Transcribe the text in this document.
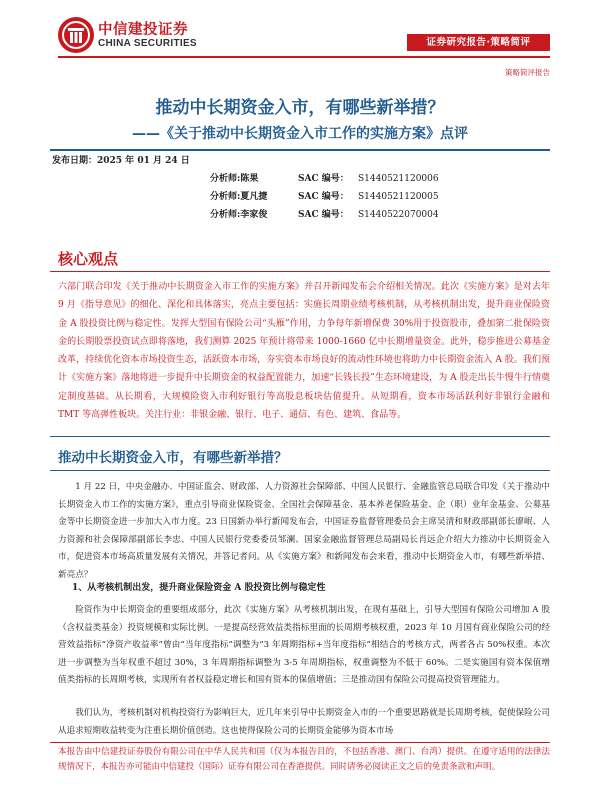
中信建投证券
CHINA SECURITIES	证券研究报告·策略简评
策略简评报告
推动中长期资金入市，有哪些新举措？
——《关于推动中长期资金入市工作的实施方案》点评
发布日期：2025 年 01 月 24 日
分析师:陈果	SAC 编号：	S1440521120006
分析师:夏凡捷	SAC 编号：	S1440521120005
分析师:李家俊	SAC 编号：	S1440522070004
核心观点
六部门联合印发《关于推动中长期资金入市工作的实施方案》并召开新闻发布会介绍相关情况。此次《实施方案》是对去年 9 月《指导意见》的细化、深化和具体落实，亮点主要包括：实施长周期业绩考核机制，从考核机制出发，提升商业保险资金 A 股投资比例与稳定性。发挥大型国有保险公司“头雁”作用，力争每年新增保费 30%用于投资股市，叠加第二批保险资金的长期股票投资试点即将落地，我们测算 2025 年预计将带来 1000-1660 亿中长期增量资金。此外，稳步推进公募基金改革，持续优化资本市场投资生态，活跃资本市场，夯实资本市场良好的流动性环境也将助力中长期资金流入 A 股。我们预计《实施方案》落地将进一步提升中长期资金的权益配置能力，加速“长钱长投”生态环境建设，为 A 股走出长牛慢牛行情奠定制度基础。从长期看，大规模险资入市利好银行等高股息板块估值提升。从短期看，资本市场活跃利好非银行金融和 TMT 等高弹性板块。关注行业：非银金融、银行、电子、通信、有色、建筑、食品等。
推动中长期资金入市，有哪些新举措？
1 月 22 日，中央金融办、中国证监会、财政部、人力资源社会保障部、中国人民银行、金融监管总局联合印发《关于推动中长期资金入市工作的实施方案》，重点引导商业保险资金、全国社会保障基金、基本养老保险基金、企（职）业年金基金、公募基金等中长期资金进一步加大入市力度。23 日国新办举行新闻发布会，中国证券监督管理委员会主席吴清和财政部副部长廖岷、人力资源和社会保障部副部长李忠、中国人民银行党委委员邹澜、国家金融监督管理总局副局长肖远企介绍大力推动中长期资金入市，促进资本市场高质量发展有关情况，并答记者问。从《实施方案》和新闻发布会来看，推动中长期资金入市，有哪些新举措、新亮点？
1、从考核机制出发，提升商业保险资金 A 股投资比例与稳定性
险资作为中长期资金的重要组成部分，此次《实施方案》从考核机制出发，在现有基础上，引导大型国有保险公司增加 A 股（含权益类基金）投资规模和实际比例。一是提高经营效益类指标里面的长周期考核权重，2023 年 10 月国有商业保险公司的经营效益指标“净资产收益率”曾由“当年度指标”调整为“3 年周期指标+当年度指标”相结合的考核方式，两者各占 50%权重。本次进一步调整为当年权重不超过 30%，3 年周期指标调整为 3-5 年周期指标，权重调整为不低于 60%。二是实施国有资本保值增值类指标的长周期考核，实现所有者权益稳定增长和国有资本的保值增值；三是推动国有保险公司提高投资管理能力。
我们认为，考核机制对机构投资行为影响巨大，近几年来引导中长期资金入市的一个重要思路就是长周期考核，促使保险公司从追求短期收益转变为注重长期价值创造。这也使得保险公司的长期资金能够为资本市场
本报告由中信建投证券股份有限公司在中华人民共和国（仅为本报告目的，不包括香港、澳门、台湾）提供。在遵守适用的法律法规情况下，本报告亦可能由中信建投（国际）证券有限公司在香港提供。同时请务必阅读正文之后的免责条款和声明。
